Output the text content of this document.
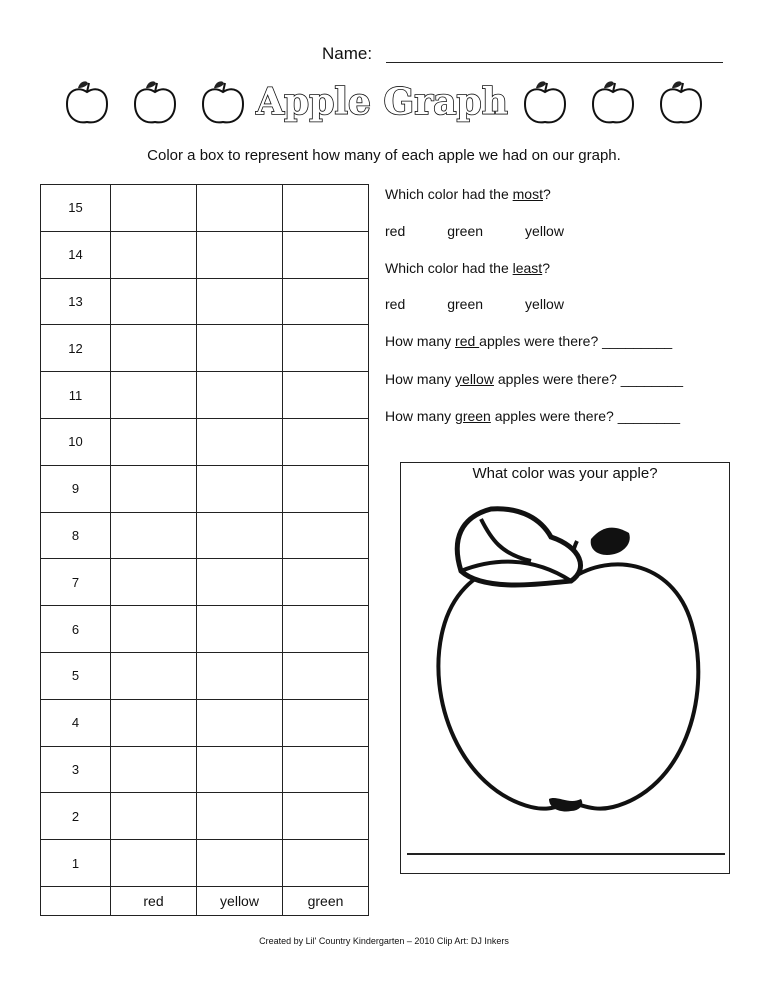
Name:
Apple Graph
Color a box to represent how many of each apple we had on our graph.
15			
14			
13			
12			
11			
10			
9			
8			
7			
6			
5			
4			
3			
2			
1			
	red	yellow	green
Which color had the most?
red	green	yellow
Which color had the least?
red	green	yellow
How many red apples were there? _________
How many yellow apples were there? ________
How many green apples were there? ________
What color was your apple?
Created by Lil' Country Kindergarten – 2010 Clip Art: DJ Inkers
